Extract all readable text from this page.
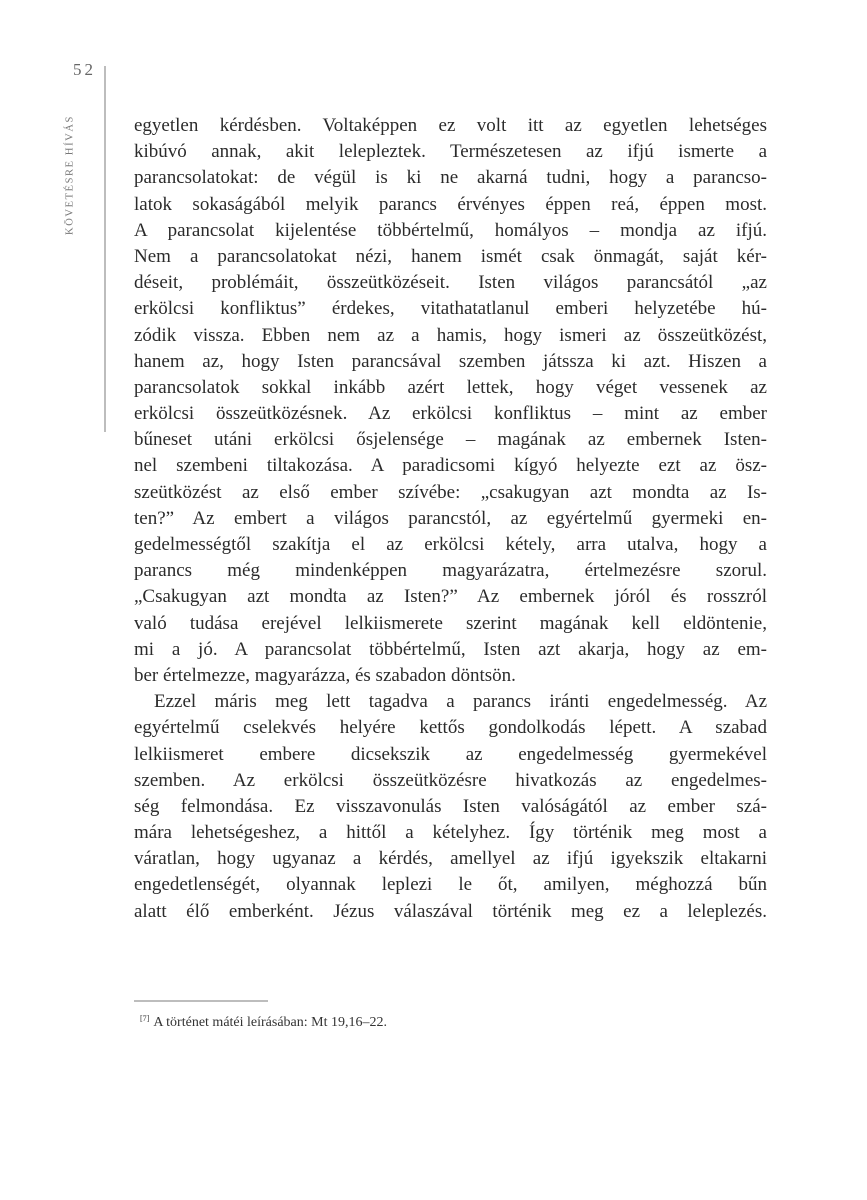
52
KÖVETÉSRE HÍVÁS	egyetlen kérdésben. Voltaképpen ez volt itt az egyetlen lehetséges
kibúvó annak, akit lelepleztek. Természetesen az ifjú ismerte a
parancsolatokat: de végül is ki ne akarná tudni, hogy a parancso-
latok sokaságából melyik parancs érvényes éppen reá, éppen most.
A parancsolat kijelentése többértelmű, homályos – mondja az ifjú.
Nem a parancsolatokat nézi, hanem ismét csak önmagát, saját kér-
déseit, problémáit, összeütközéseit. Isten világos parancsától „az
erkölcsi konfliktus” érdekes, vitathatatlanul emberi helyzetébe hú-
zódik vissza. Ebben nem az a hamis, hogy ismeri az összeütközést,
hanem az, hogy Isten parancsával szemben játssza ki azt. Hiszen a
parancsolatok sokkal inkább azért lettek, hogy véget vessenek az
erkölcsi összeütközésnek. Az erkölcsi konfliktus – mint az ember
bűneset utáni erkölcsi ősjelensége – magának az embernek Isten-
nel szembeni tiltakozása. A paradicsomi kígyó helyezte ezt az ösz-
szeütközést az első ember szívébe: „csakugyan azt mondta az Is-
ten?” Az embert a világos parancstól, az egyértelmű gyermeki en-
gedelmességtől szakítja el az erkölcsi kétely, arra utalva, hogy a
parancs még mindenképpen magyarázatra, értelmezésre szorul.
„Csakugyan azt mondta az Isten?” Az embernek jóról és rosszról
való tudása erejével lelkiismerete szerint magának kell eldöntenie,
mi a jó. A parancsolat többértelmű, Isten azt akarja, hogy az em-
ber értelmezze, magyarázza, és szabadon döntsön.
Ezzel máris meg lett tagadva a parancs iránti engedelmesség. Az
egyértelmű cselekvés helyére kettős gondolkodás lépett. A szabad
lelkiismeret embere dicsekszik az engedelmesség gyermekével
szemben. Az erkölcsi összeütközésre hivatkozás az engedelmes-
ség felmondása. Ez visszavonulás Isten valóságától az ember szá-
mára lehetségeshez, a hittől a kételyhez. Így történik meg most a
váratlan, hogy ugyanaz a kérdés, amellyel az ifjú igyekszik eltakarni
engedetlenségét, olyannak leplezi le őt, amilyen, méghozzá bűn
alatt élő emberként. Jézus válaszával történik meg ez a leleplezés.
[7] A történet mátéi leírásában: Mt 19,16–22.
